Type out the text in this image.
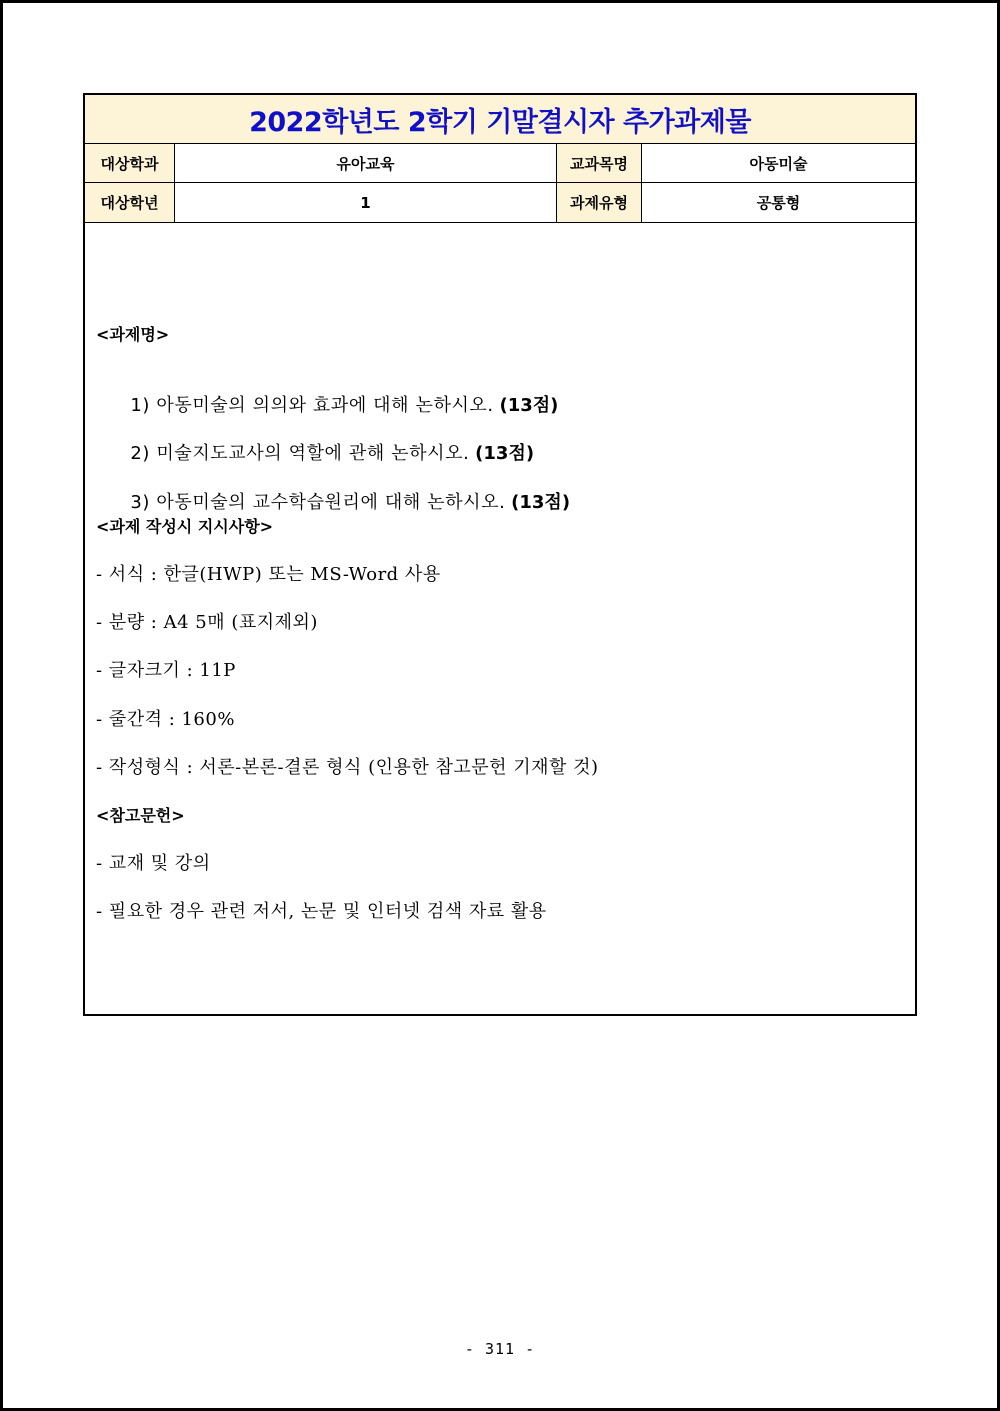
2022학년도 2학기 기말결시자 추가과제물
대상학과	유아교육	교과목명	아동미술
대상학년	1	과제유형	공통형
<과제명>

1) 아동미술의 의의와 효과에 대해 논하시오. (13점)

2) 미술지도교사의 역할에 관해 논하시오. (13점)

3) 아동미술의 교수학습원리에 대해 논하시오. (13점)

<과제 작성시 지시사항>
- 서식 : 한글(HWP) 또는 MS-Word 사용
- 분량 : A4 5매 (표지제외)
- 글자크기 : 11P
- 줄간격 : 160%
- 작성형식 : 서론-본론-결론 형식 (인용한 참고문헌 기재할 것)
<참고문헌>
- 교재 및 강의
- 필요한 경우 관련 저서, 논문 및 인터넷 검색 자료 활용
- 311 -
